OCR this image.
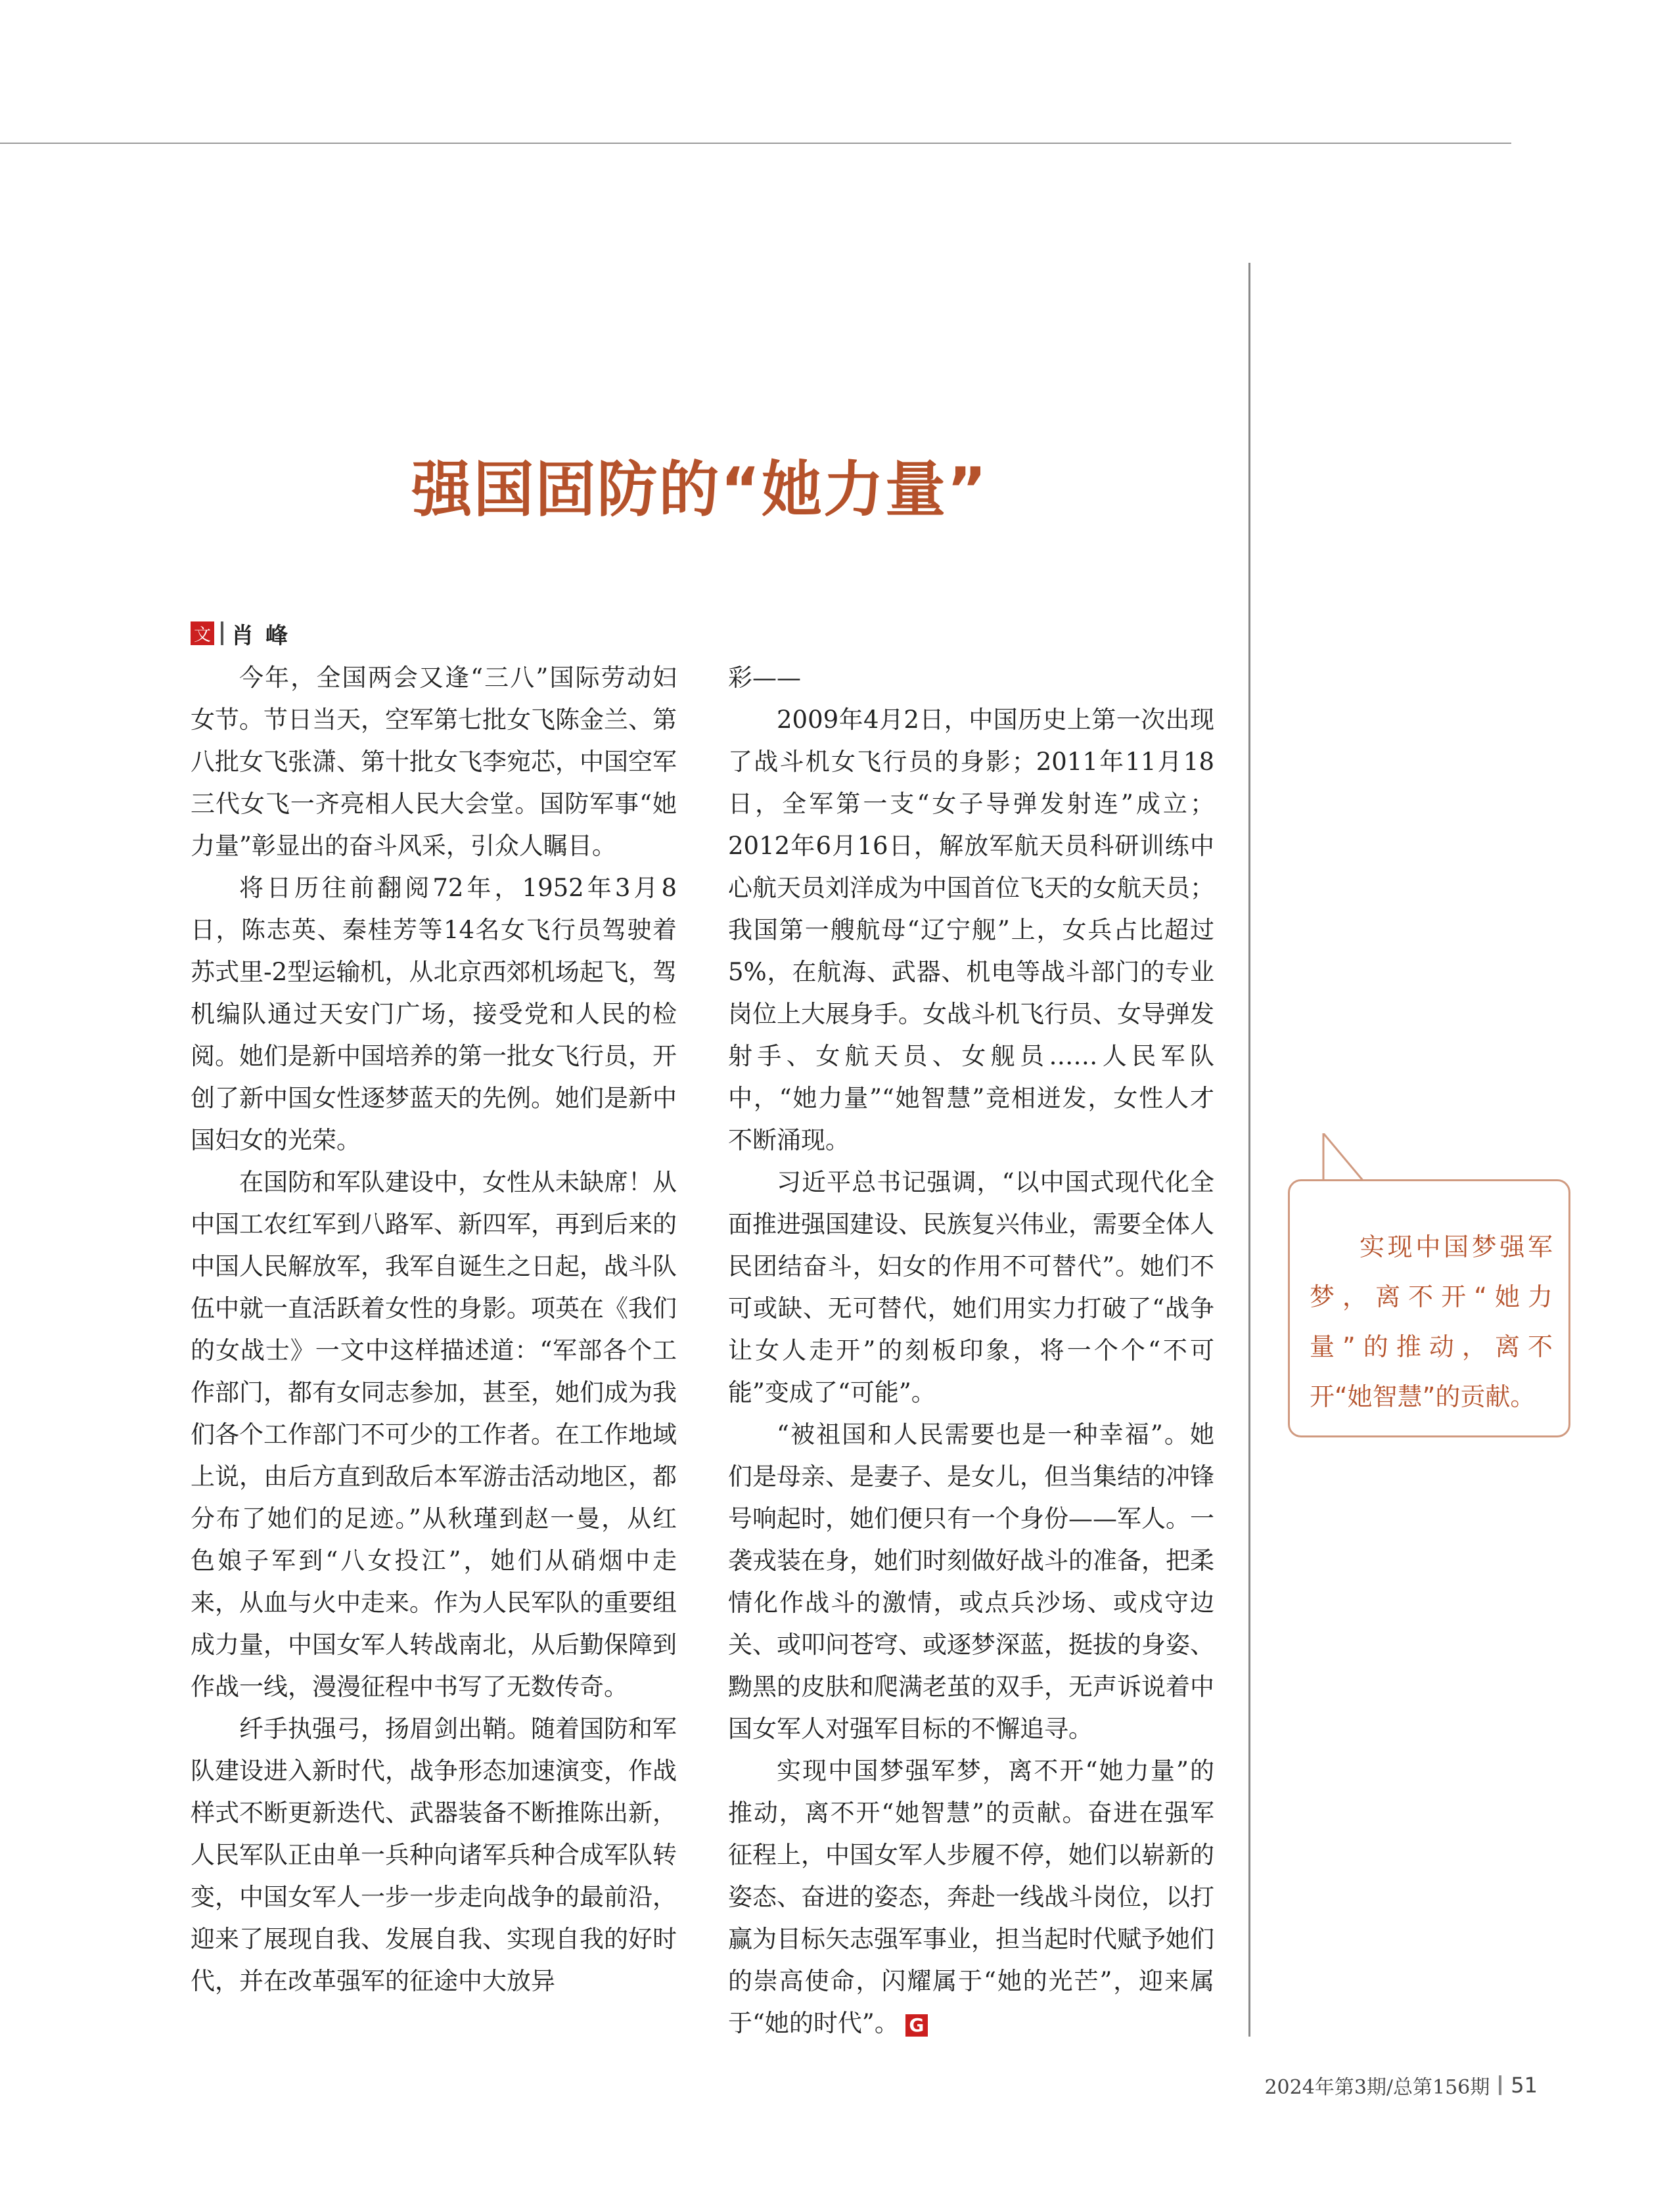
强国固防的“她力量”
文 肖峰

今年，全国两会又逢“三八”国际劳动妇女节。节日当天，空军第七批女飞陈金兰、第八批女飞张潇、第十批女飞李宛芯，中国空军三代女飞一齐亮相人民大会堂。国防军事“她力量”彰显出的奋斗风采，引众人瞩目。

将日历往前翻阅72年，1952年3月8日，陈志英、秦桂芳等14名女飞行员驾驶着苏式里-2型运输机，从北京西郊机场起飞，驾机编队通过天安门广场，接受党和人民的检阅。她们是新中国培养的第一批女飞行员，开创了新中国女性逐梦蓝天的先例。她们是新中国妇女的光荣。

在国防和军队建设中，女性从未缺席！从中国工农红军到八路军、新四军，再到后来的中国人民解放军，我军自诞生之日起，战斗队伍中就一直活跃着女性的身影。项英在《我们的女战士》一文中这样描述道：“军部各个工作部门，都有女同志参加，甚至，她们成为我们各个工作部门不可少的工作者。在工作地域上说，由后方直到敌后本军游击活动地区，都分布了她们的足迹。”从秋瑾到赵一曼，从红色娘子军到“八女投江”，她们从硝烟中走来，从血与火中走来。作为人民军队的重要组成力量，中国女军人转战南北，从后勤保障到作战一线，漫漫征程中书写了无数传奇。

纤手执强弓，扬眉剑出鞘。随着国防和军队建设进入新时代，战争形态加速演变，作战样式不断更新迭代、武器装备不断推陈出新，人民军队正由单一兵种向诸军兵种合成军队转变，中国女军人一步一步走向战争的最前沿，迎来了展现自我、发展自我、实现自我的好时代，并在改革强军的征途中大放异

彩——

2009年4月2日，中国历史上第一次出现了战斗机女飞行员的身影；2011年11月18日，全军第一支“女子导弹发射连”成立；2012年6月16日，解放军航天员科研训练中心航天员刘洋成为中国首位飞天的女航天员；我国第一艘航母“辽宁舰”上，女兵占比超过5%，在航海、武器、机电等战斗部门的专业岗位上大展身手。女战斗机飞行员、女导弹发射手、女航天员、女舰员……人民军队中，“她力量”“她智慧”竞相迸发，女性人才不断涌现。

习近平总书记强调，“以中国式现代化全面推进强国建设、民族复兴伟业，需要全体人民团结奋斗，妇女的作用不可替代”。她们不可或缺、无可替代，她们用实力打破了“战争让女人走开”的刻板印象，将一个个“不可能”变成了“可能”。

“被祖国和人民需要也是一种幸福”。她们是母亲、是妻子、是女儿，但当集结的冲锋号响起时，她们便只有一个身份——军人。一袭戎装在身，她们时刻做好战斗的准备，把柔情化作战斗的激情，或点兵沙场、或戍守边关、或叩问苍穹、或逐梦深蓝，挺拔的身姿、黝黑的皮肤和爬满老茧的双手，无声诉说着中国女军人对强军目标的不懈追寻。

实现中国梦强军梦，离不开“她力量”的推动，离不开“她智慧”的贡献。奋进在强军征程上，中国女军人步履不停，她们以崭新的姿态、奋进的姿态，奔赴一线战斗岗位，以打赢为目标矢志强军事业，担当起时代赋予她们的崇高使命，闪耀属于“她的光芒”，迎来属于“她的时代”。 G

实现中国梦强军梦，离不开“她力量”的推动，离不开“她智慧”的贡献。
2024年第3期/总第156期 51
